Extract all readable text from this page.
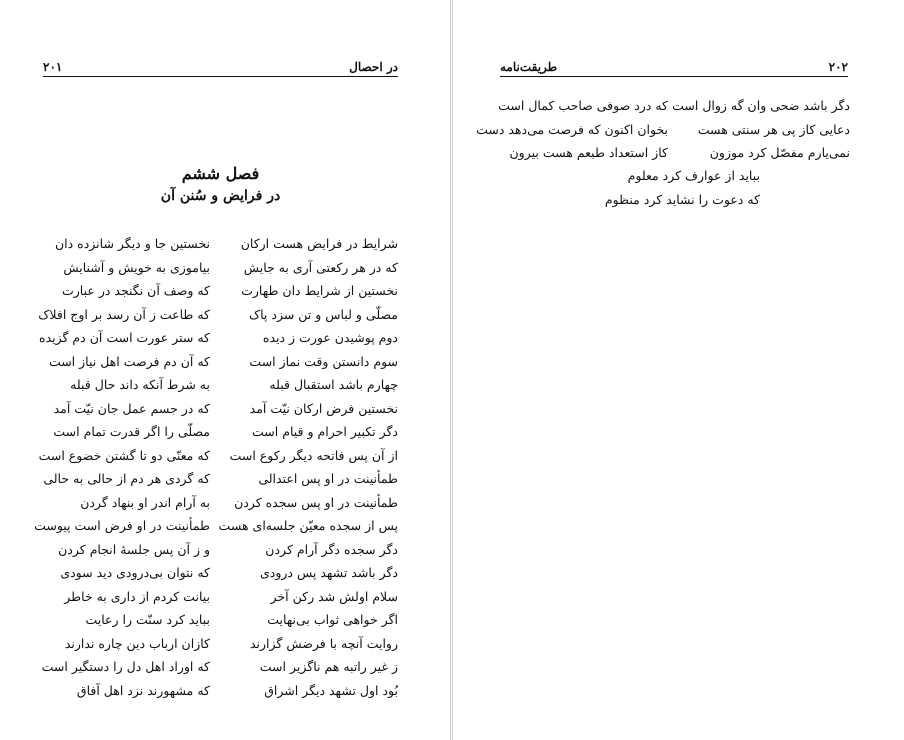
در احصال
۲۰۱
فصل ششم
در فرایض و سُنن آن
شرایط در فرایض هست ارکان
که در هر رکعتی آری به جایش
نخستین از شرایط دان طهارت
مصلّی و لباس و تن سزد پاک
دوم پوشیدن عورت ز دیده
سوم دانستن وقت نماز است
چهارم باشد استقبال قبله
نخستین فرض ارکان نیّت آمد
دگر تکبیر احرام و قیام است
از آن پس فاتحه دیگر رکوع است
طمأنینت در او پس اعتدالی
طمأنینت در او پس سجده کردن
پس از سجده معیّن جلسه‌ای هست
دگر سجده دگر آرام کردن
دگر باشد تشهد پس درودی
سلام اولش شد رکن آخر
اگر خواهی ثواب بی‌نهایت
روایت آنچه با فرضش گزارند
ز غیر راتبه هم ناگزیر است
بُود اول تشهد دیگر اشراق
نخستین جا و دیگر شانزده دان
بیاموزی به خویش و آشنایش
که وصف آن نگنجد در عبارت
که طاعت ز آن رسد بر اوج افلاک
که ستر عورت است آن دم گزیده
که آن دم فرصت اهل نیاز است
به شرط آنکه داند حال قبله
که در جسم عمل جان نیّت آمد
مصلّی را اگر قدرت تمام است
که معنّی دو تا گشتن خضوع است
که گردی هر دم از حالی به حالی
به آرام اندر او بنهاد گردن
طمأنینت در او فرض است پیوست
و ز آن پس جلسهٔ انجام کردن
که نتوان بی‌درودی دید سودی
بیانت کردم از داری به خاطر
بباید کرد سنّت را رعایت
کازان ارباب دین چاره ندارند
که اوراد اهل دل را دستگیر است
که مشهورند نزد اهل آفاق
طریقت‌نامه	۲۰۲
دگر باشد ضحی وان گه زوال است
دعایی کاز پی هر سنتی هست
نمی‌یارم مفصّل کرد موزون
که درد صوفی صاحب کمال است
بخوان اکنون که فرصت می‌دهد دست
کاز استعداد طبعم هست بیرون
بباید از عوارف کرد معلوم
که دعوت را نشاید کرد منظوم
